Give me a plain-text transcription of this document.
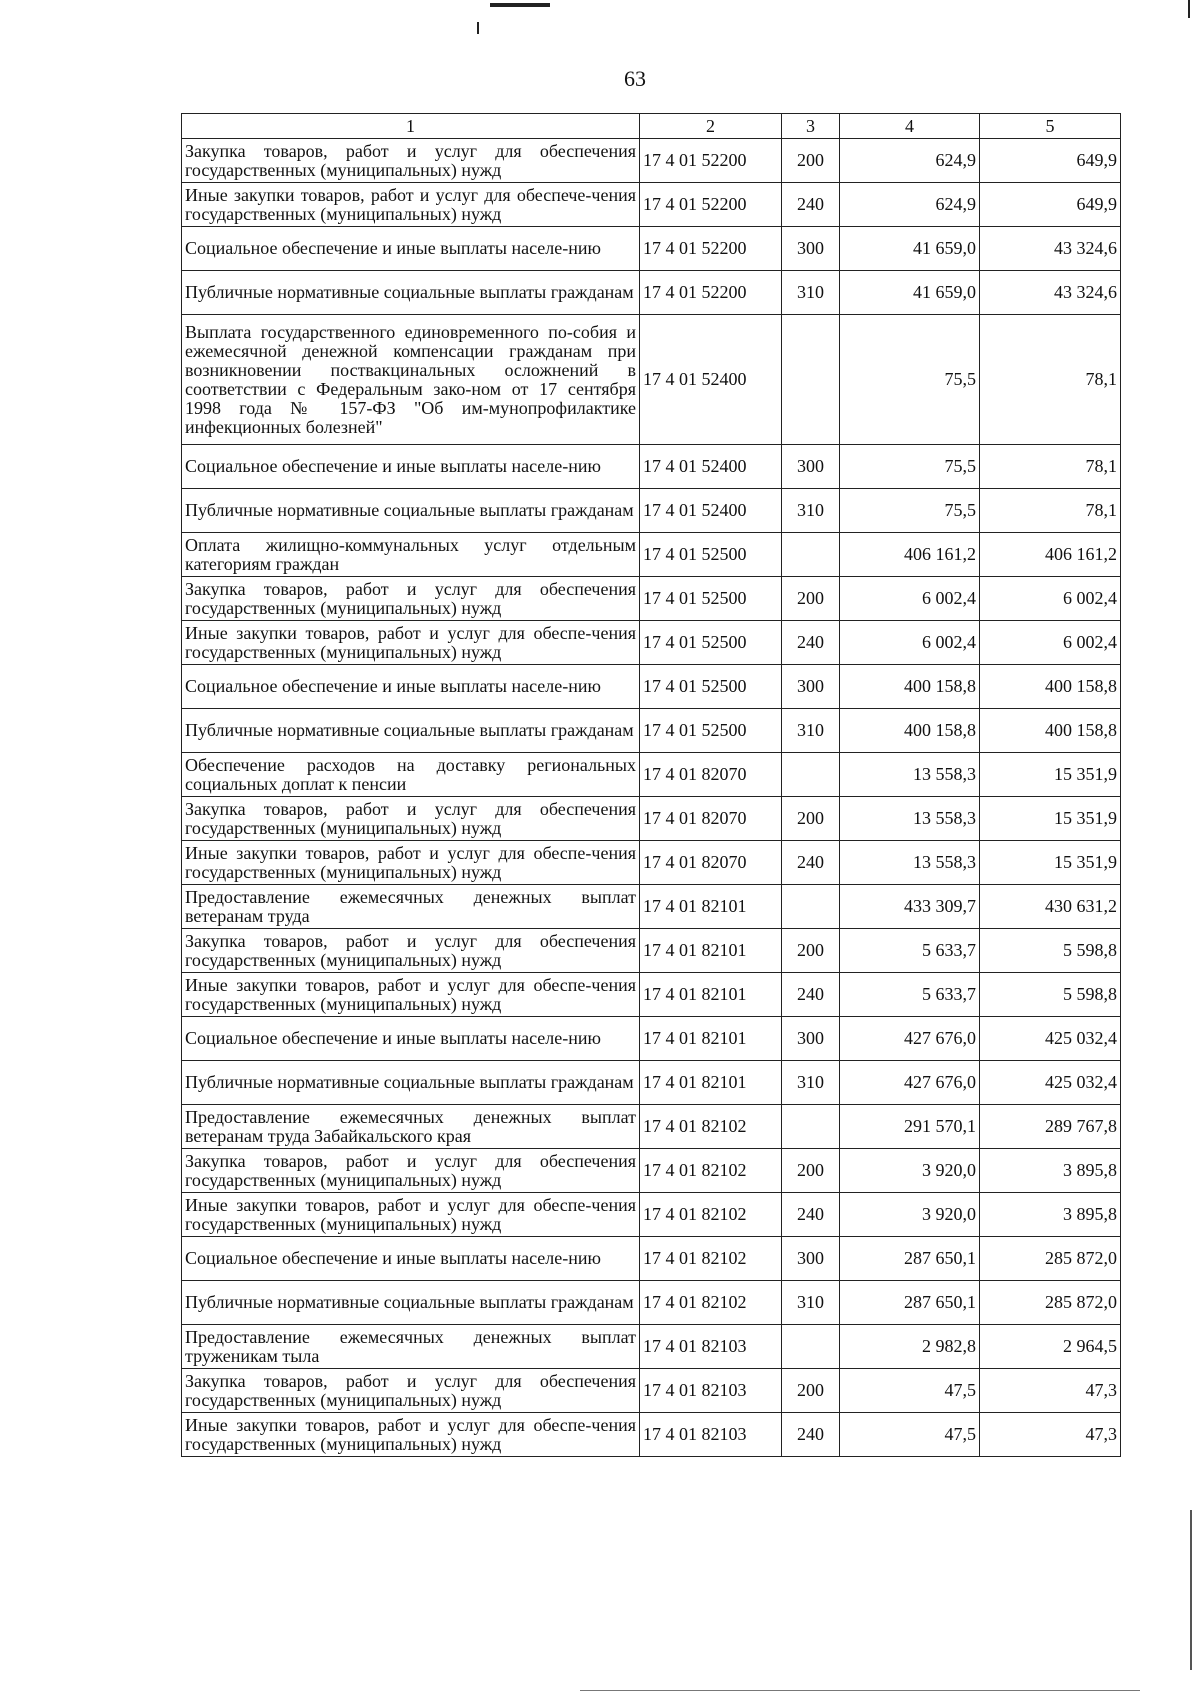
63
1	2	3	4	5
Закупка товаров, работ и услуг для обеспечения государственных (муниципальных) нужд	17 4 01 52200	200	624,9	649,9
Иные закупки товаров, работ и услуг для обеспече-чения государственных (муниципальных) нужд	17 4 01 52200	240	624,9	649,9
Социальное обеспечение и иные выплаты населе-нию	17 4 01 52200	300	41 659,0	43 324,6
Публичные нормативные социальные выплаты гражданам	17 4 01 52200	310	41 659,0	43 324,6
Выплата государственного единовременного по-собия и ежемесячной денежной компенсации гражданам при возникновении поствакцинальных осложнений в соответствии с Федеральным зако-ном от 17 сентября 1998 года № 157-ФЗ "Об им-мунопрофилактике инфекционных болезней"	17 4 01 52400		75,5	78,1
Социальное обеспечение и иные выплаты населе-нию	17 4 01 52400	300	75,5	78,1
Публичные нормативные социальные выплаты гражданам	17 4 01 52400	310	75,5	78,1
Оплата жилищно-коммунальных услуг отдельным категориям граждан	17 4 01 52500		406 161,2	406 161,2
Закупка товаров, работ и услуг для обеспечения государственных (муниципальных) нужд	17 4 01 52500	200	6 002,4	6 002,4
Иные закупки товаров, работ и услуг для обеспе-чения государственных (муниципальных) нужд	17 4 01 52500	240	6 002,4	6 002,4
Социальное обеспечение и иные выплаты населе-нию	17 4 01 52500	300	400 158,8	400 158,8
Публичные нормативные социальные выплаты гражданам	17 4 01 52500	310	400 158,8	400 158,8
Обеспечение расходов на доставку региональных социальных доплат к пенсии	17 4 01 82070		13 558,3	15 351,9
Закупка товаров, работ и услуг для обеспечения государственных (муниципальных) нужд	17 4 01 82070	200	13 558,3	15 351,9
Иные закупки товаров, работ и услуг для обеспе-чения государственных (муниципальных) нужд	17 4 01 82070	240	13 558,3	15 351,9
Предоставление ежемесячных денежных выплат ветеранам труда	17 4 01 82101		433 309,7	430 631,2
Закупка товаров, работ и услуг для обеспечения государственных (муниципальных) нужд	17 4 01 82101	200	5 633,7	5 598,8
Иные закупки товаров, работ и услуг для обеспе-чения государственных (муниципальных) нужд	17 4 01 82101	240	5 633,7	5 598,8
Социальное обеспечение и иные выплаты населе-нию	17 4 01 82101	300	427 676,0	425 032,4
Публичные нормативные социальные выплаты гражданам	17 4 01 82101	310	427 676,0	425 032,4
Предоставление ежемесячных денежных выплат ветеранам труда Забайкальского края	17 4 01 82102		291 570,1	289 767,8
Закупка товаров, работ и услуг для обеспечения государственных (муниципальных) нужд	17 4 01 82102	200	3 920,0	3 895,8
Иные закупки товаров, работ и услуг для обеспе-чения государственных (муниципальных) нужд	17 4 01 82102	240	3 920,0	3 895,8
Социальное обеспечение и иные выплаты населе-нию	17 4 01 82102	300	287 650,1	285 872,0
Публичные нормативные социальные выплаты гражданам	17 4 01 82102	310	287 650,1	285 872,0
Предоставление ежемесячных денежных выплат труженикам тыла	17 4 01 82103		2 982,8	2 964,5
Закупка товаров, работ и услуг для обеспечения государственных (муниципальных) нужд	17 4 01 82103	200	47,5	47,3
Иные закупки товаров, работ и услуг для обеспе-чения государственных (муниципальных) нужд	17 4 01 82103	240	47,5	47,3
